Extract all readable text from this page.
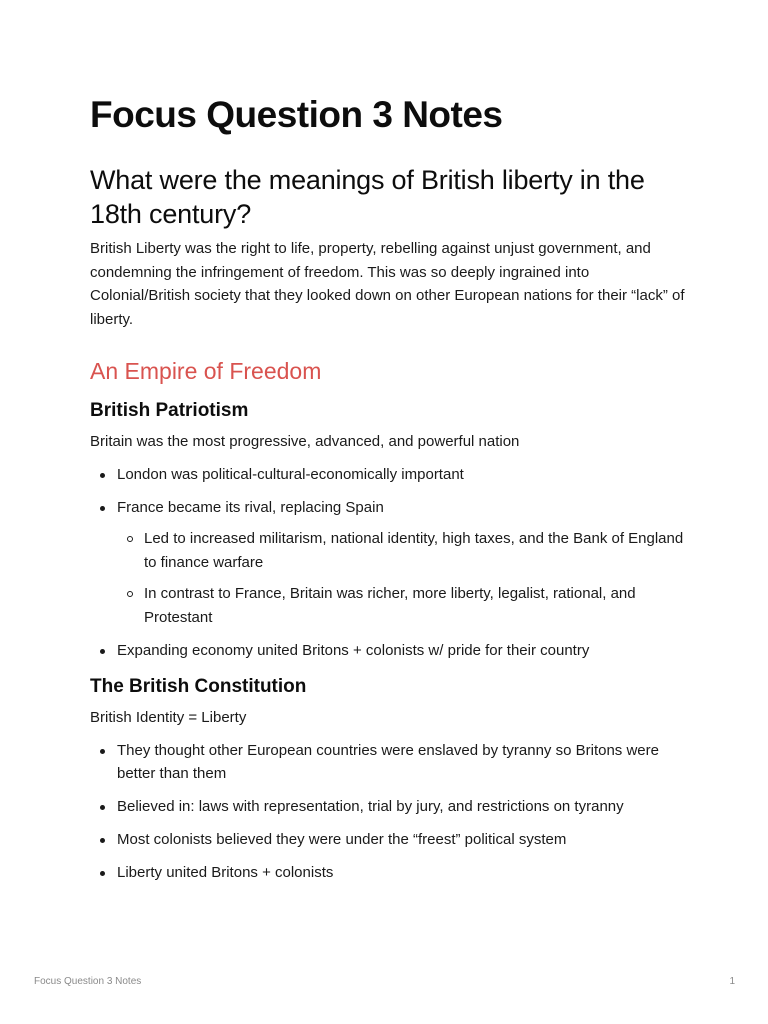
Focus Question 3 Notes
What were the meanings of British liberty in the 18th century?

British Liberty was the right to life, property, rebelling against unjust government, and condemning the infringement of freedom. This was so deeply ingrained into Colonial/British society that they looked down on other European nations for their “lack” of liberty.

An Empire of Freedom
British Patriotism

Britain was the most progressive, advanced, and powerful nation

London was political-cultural-economically important
France became its rival, replacing Spain
Led to increased militarism, national identity, high taxes, and the Bank of England to finance warfare
In contrast to France, Britain was richer, more liberty, legalist, rational, and Protestant
Expanding economy united Britons + colonists w/ pride for their country
The British Constitution

British Identity = Liberty

They thought other European countries were enslaved by tyranny so Britons were better than them
Believed in: laws with representation, trial by jury, and restrictions on tyranny
Most colonists believed they were under the “freest” political system
Liberty united Britons + colonists
Focus Question 3 Notes	1
